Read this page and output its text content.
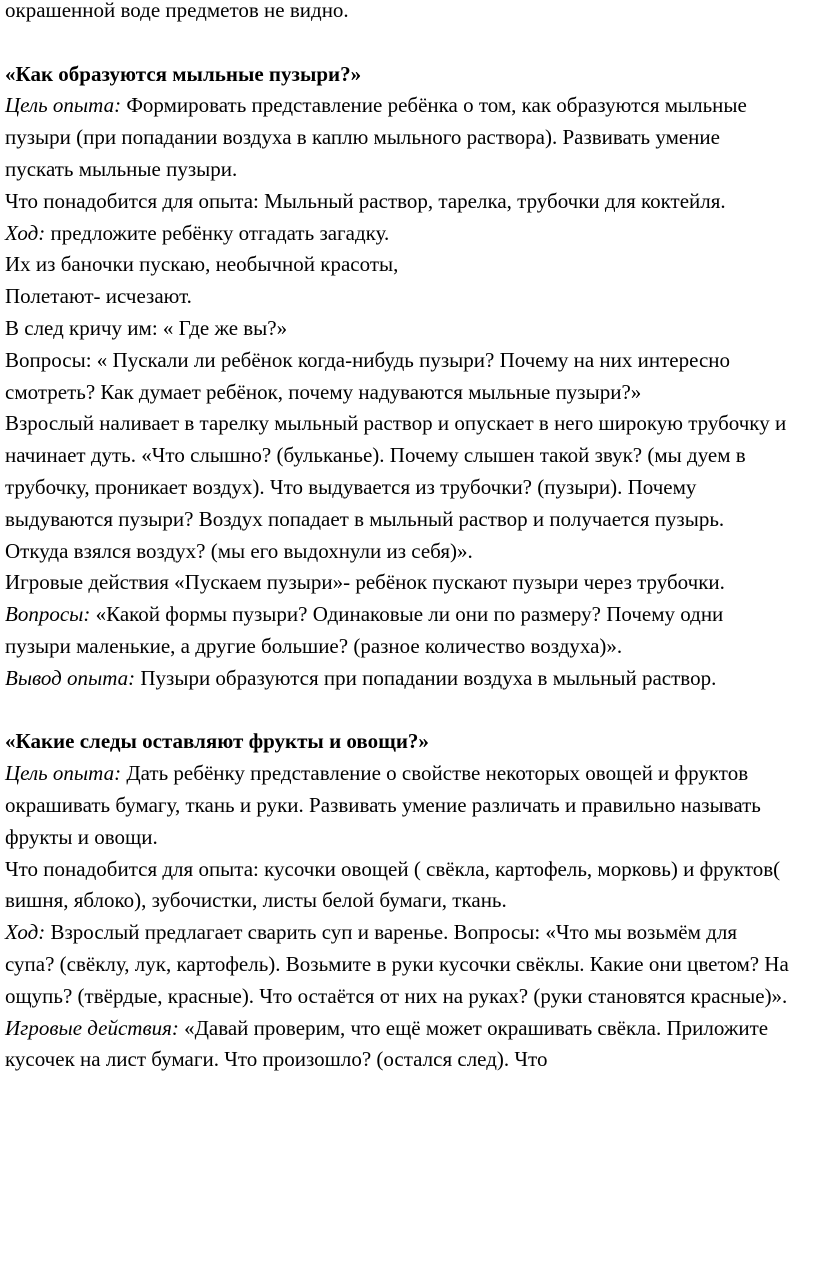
окрашенной воде предметов не видно.

«Как образуются мыльные пузыри?»

Цель опыта: Формировать представление ребёнка о том, как образуются мыльные пузыри (при попадании воздуха в каплю мыльного раствора). Развивать умение пускать мыльные пузыри.

Что понадобится для опыта: Мыльный раствор, тарелка, трубочки для коктейля.

Ход: предложите ребёнку отгадать загадку.

Их из баночки пускаю, необычной красоты,

Полетают- исчезают.

В след кричу им: « Где же вы?»

Вопросы: « Пускали ли ребёнок когда-нибудь пузыри? Почему на них интересно смотреть? Как думает ребёнок, почему надуваются мыльные пузыри?»

Взрослый наливает в тарелку мыльный раствор и опускает в него широкую трубочку и начинает дуть. «Что слышно? (бульканье). Почему слышен такой звук? (мы дуем в трубочку, проникает воздух). Что выдувается из трубочки? (пузыри). Почему выдуваются пузыри? Воздух попадает в мыльный раствор и получается пузырь. Откуда взялся воздух? (мы его выдохнули из себя)».

Игровые действия «Пускаем пузыри»- ребёнок пускают пузыри через трубочки.

Вопросы: «Какой формы пузыри? Одинаковые ли они по размеру? Почему одни пузыри маленькие, а другие большие? (разное количество воздуха)».

Вывод опыта: Пузыри образуются при попадании воздуха в мыльный раствор.

«Какие следы оставляют фрукты и овощи?»

Цель опыта: Дать ребёнку представление о свойстве некоторых овощей и фруктов окрашивать бумагу, ткань и руки. Развивать умение различать и правильно называть фрукты и овощи.

Что понадобится для опыта: кусочки овощей ( свёкла, картофель, морковь) и фруктов( вишня, яблоко), зубочистки, листы белой бумаги, ткань.

Ход: Взрослый предлагает сварить суп и варенье. Вопросы: «Что мы возьмём для супа? (свёклу, лук, картофель). Возьмите в руки кусочки свёклы. Какие они цветом? На ощупь? (твёрдые, красные). Что остаётся от них на руках? (руки становятся красные)».

Игровые действия: «Давай проверим, что ещё может окрашивать свёкла. Приложите кусочек на лист бумаги. Что произошло? (остался след). Что
